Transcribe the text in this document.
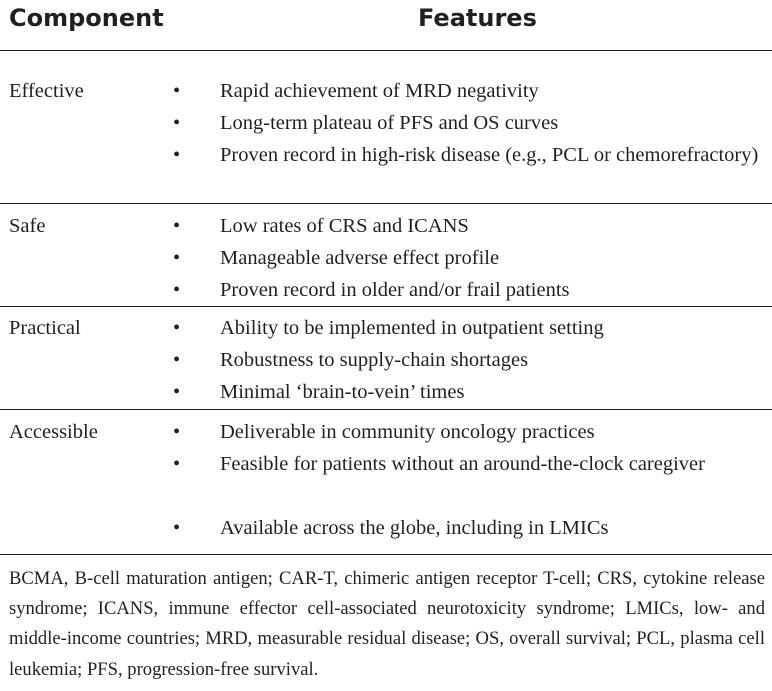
Component	Features
Effective	• Rapid achievement of MRD negativity
• Long-term plateau of PFS and OS curves
• Proven record in high-risk disease (e.g., PCL or chemorefractory)
Safe	• Low rates of CRS and ICANS
• Manageable adverse effect profile
• Proven record in older and/or frail patients
Practical	• Ability to be implemented in outpatient setting
• Robustness to supply-chain shortages
• Minimal ‘brain-to-vein’ times
Accessible	• Deliverable in community oncology practices
• Feasible for patients without an around-the-clock caregiver
• Available across the globe, including in LMICs
BCMA, B-cell maturation antigen; CAR-T, chimeric antigen receptor T-cell; CRS, cytokine release syndrome; ICANS, immune effector cell-associated neurotoxicity syndrome; LMICs, low- and middle-income countries; MRD, measurable residual disease; OS, overall survival; PCL, plasma cell leukemia; PFS, progression-free survival.
